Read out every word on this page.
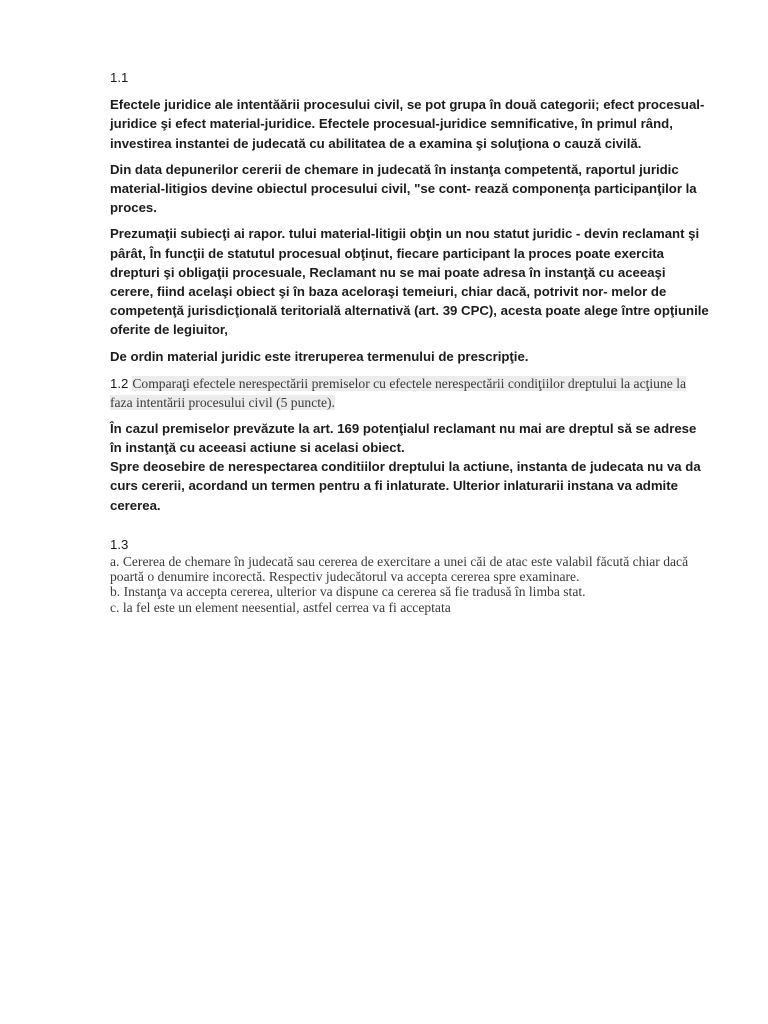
1.1

Efectele juridice ale intentăării procesului civil, se pot grupa în două categorii; efect procesual-juridice şi efect material-juridice. Efectele procesual-juridice semnificative, în primul rând, investirea instantei de judecată cu abilitatea de a examina şi soluţiona o cauză civilă.

Din data depunerilor cererii de chemare in judecată în instanţa competentă, raportul juridic material-litigios devine obiectul procesului civil, "se cont- rează componenţa participanţilor la proces.

Prezumaţii subiecţi ai rapor. tului material-litigii obţin un nou statut juridic - devin reclamant şi pârât, În funcţii de statutul procesual obţinut, fiecare participant la proces poate exercita drepturi şi obligaţii procesuale, Reclamant nu se mai poate adresa în instanţă cu aceeaşi cerere, fiind acelaşi obiect şi în baza aceloraşi temeiuri, chiar dacă, potrivit nor- melor de competenţă jurisdicţională teritorială alternativă (art. 39 CPC), acesta poate alege între opţiunile oferite de legiuitor,

De ordin material juridic este itreruperea termenului de prescripţie.

1.2 Comparaţi efectele nerespectării premiselor cu efectele nerespectării condiţiilor dreptului la acţiune la faza intentării procesului civil (5 puncte).

În cazul premiselor prevăzute la art. 169 potenţialul reclamant nu mai are dreptul să se adrese în instanţă cu aceeasi actiune si acelasi obiect.

Spre deosebire de nerespectarea conditiilor dreptului la actiune, instanta de judecata nu va da curs cererii, acordand un termen pentru a fi inlaturate. Ulterior inlaturarii instana va admite cererea.

1.3

a. Cererea de chemare în judecată sau cererea de exercitare a unei căi de atac este valabil făcută chiar dacă poartă o denumire incorectă. Respectiv judecătorul va accepta cererea spre examinare.

b. Instanţa va accepta cererea, ulterior va dispune ca cererea să fie tradusă în limba stat.

c. la fel este un element neesential, astfel cerrea va fi acceptata
